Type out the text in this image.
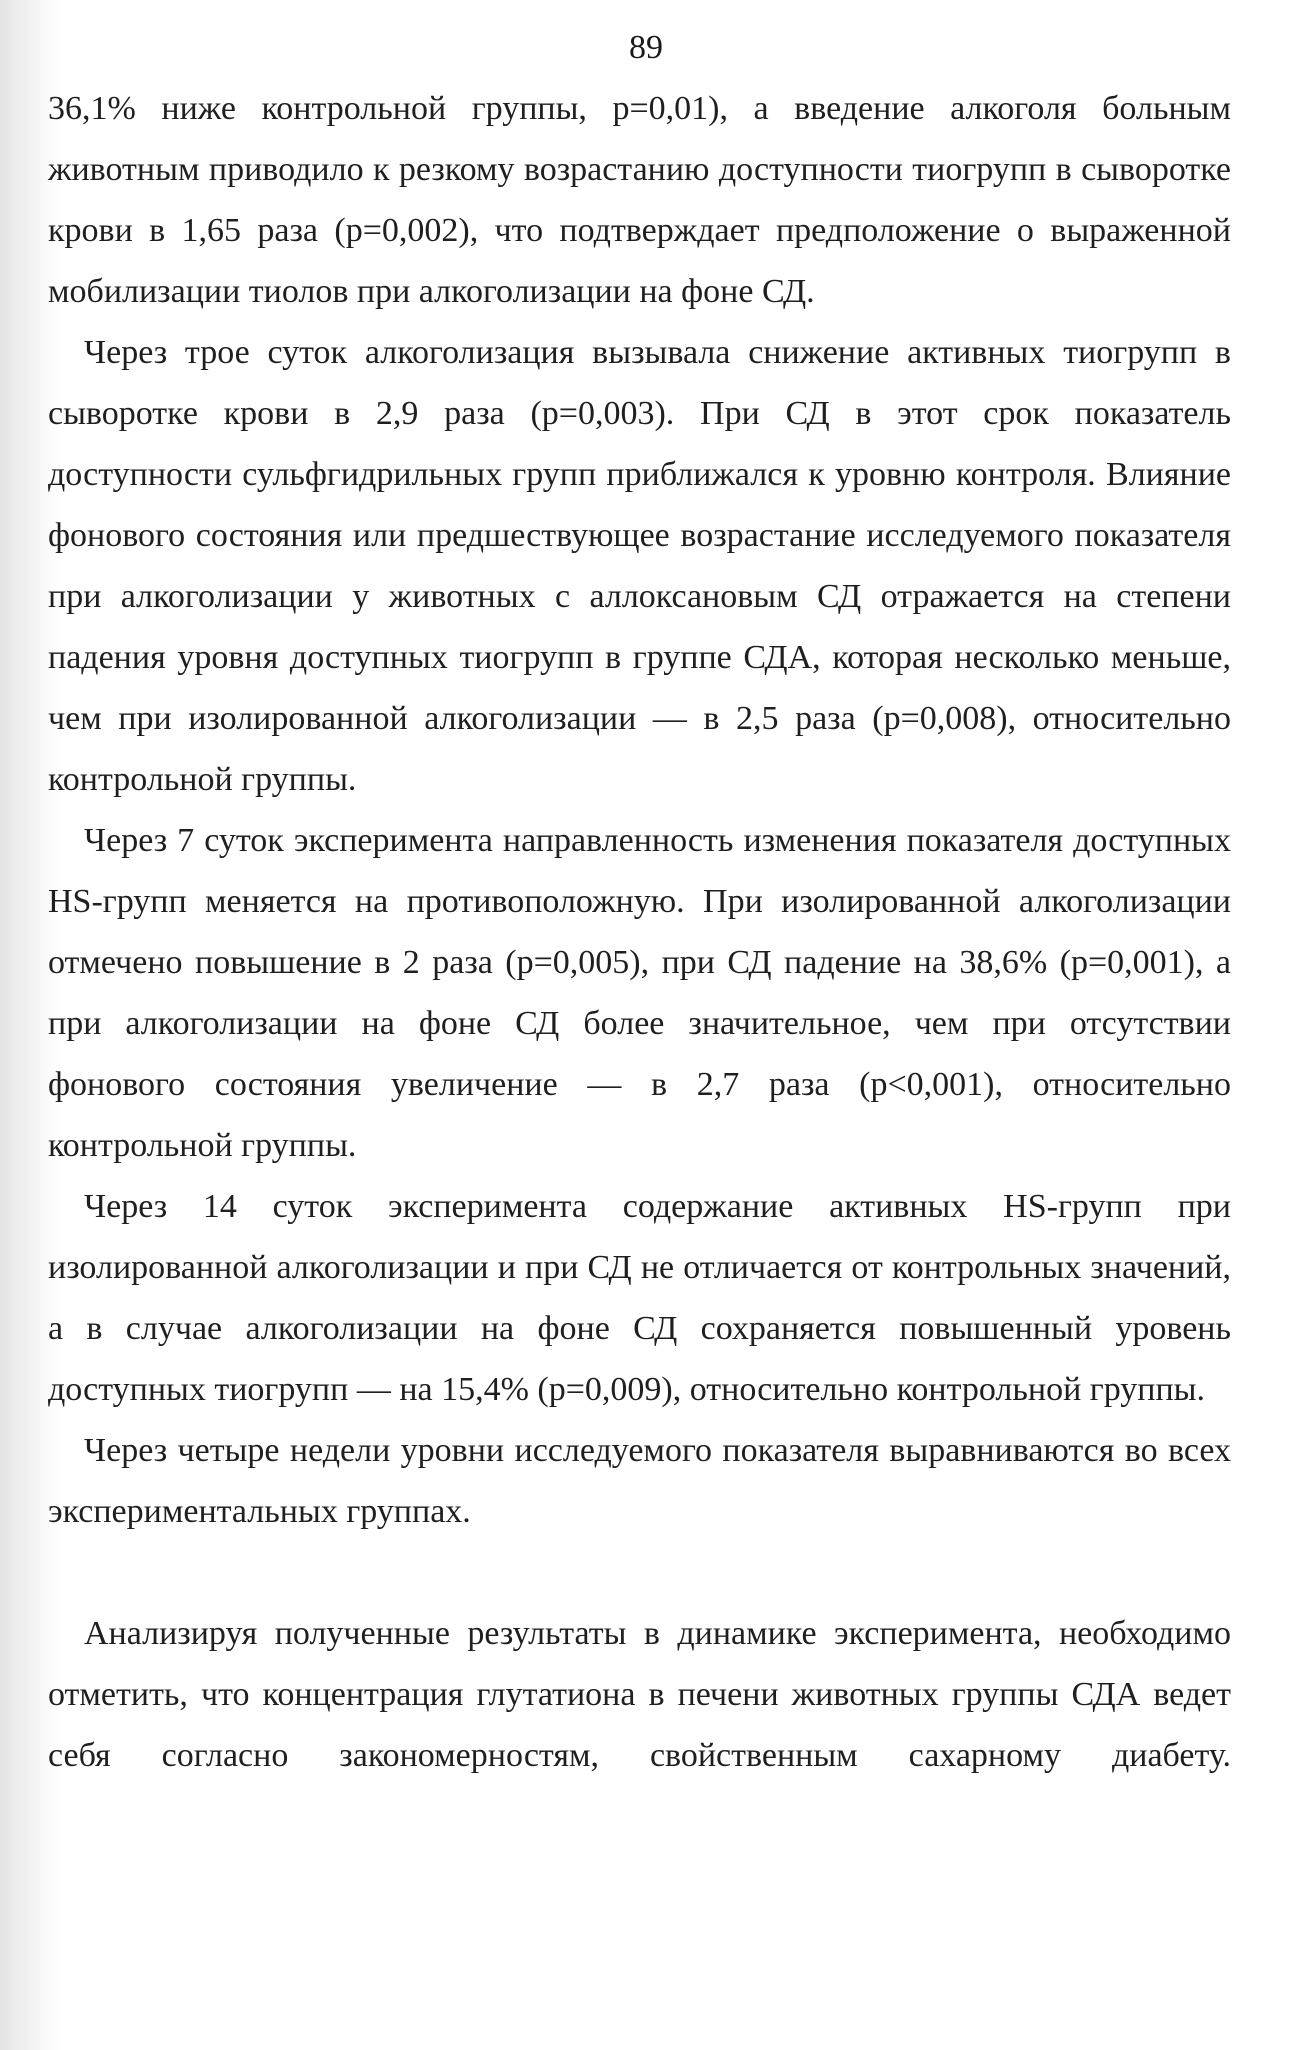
89

36,1% ниже контрольной группы, p=0,01), а введение алкоголя больным животным приводило к резкому возрастанию доступности тиогрупп в сыворотке крови в 1,65 раза (p=0,002), что подтверждает предположение о выраженной мобилизации тиолов при алкоголизации на фоне СД.

Через трое суток алкоголизация вызывала снижение активных тиогрупп в сыворотке крови в 2,9 раза (p=0,003). При СД в этот срок показатель доступности сульфгидрильных групп приближался к уровню контроля. Влияние фонового состояния или предшествующее возрастание исследуемого показателя при алкоголизации у животных с аллоксановым СД отражается на степени падения уровня доступных тиогрупп в группе СДА, которая несколько меньше, чем при изолированной алкоголизации — в 2,5 раза (p=0,008), относительно контрольной группы.

Через 7 суток эксперимента направленность изменения показателя доступных HS-групп меняется на противоположную. При изолированной алкоголизации отмечено повышение в 2 раза (p=0,005), при СД падение на 38,6% (p=0,001), а при алкоголизации на фоне СД более значительное, чем при отсутствии фонового состояния увеличение — в 2,7 раза (p<0,001), относительно контрольной группы.

Через 14 суток эксперимента содержание активных HS-групп при изолированной алкоголизации и при СД не отличается от контрольных значений, а в случае алкоголизации на фоне СД сохраняется повышенный уровень доступных тиогрупп — на 15,4% (p=0,009), относительно контрольной группы.

Через четыре недели уровни исследуемого показателя выравниваются во всех экспериментальных группах.

Анализируя полученные результаты в динамике эксперимента, необходимо отметить, что концентрация глутатиона в печени животных группы СДА ведет себя согласно закономерностям, свойственным сахарному диабету.
